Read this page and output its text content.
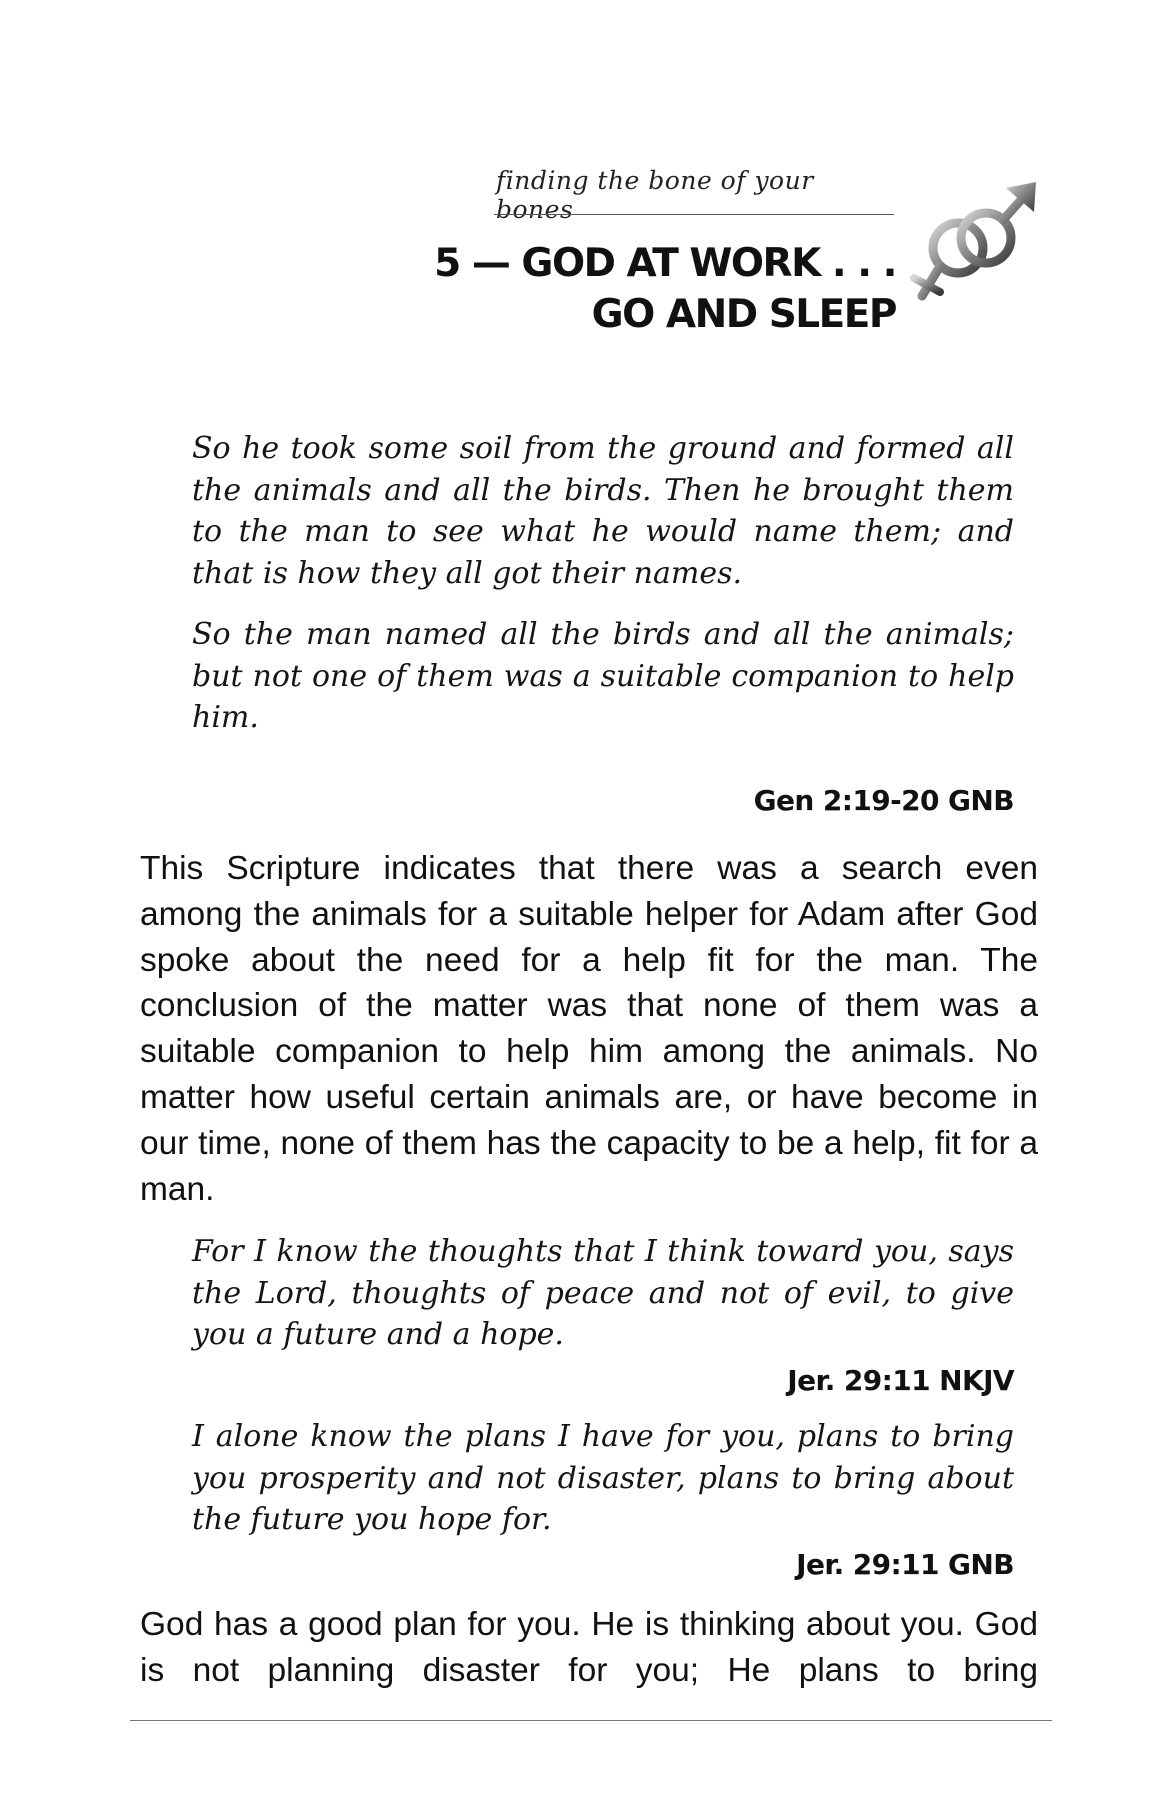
finding the bone of your bones
5 — GOD AT WORK . . .
GO AND SLEEP
So he took some soil from the ground and formed all the animals and all the birds. Then he brought them to the man to see what he would name them; and that is how they all got their names.
So the man named all the birds and all the animals; but not one of them was a suitable companion to help him.
Gen 2:19-20 GNB
This Scripture indicates that there was a search even among the animals for a suitable helper for Adam after God spoke about the need for a help fit for the man. The conclusion of the matter was that none of them was a suitable companion to help him among the animals. No matter how useful certain animals are, or have become in our time, none of them has the capacity to be a help, fit for a man.
For I know the thoughts that I think toward you, says the Lord, thoughts of peace and not of evil, to give you a future and a hope.
Jer. 29:11 NKJV
I alone know the plans I have for you, plans to bring you prosperity and not disaster, plans to bring about the future you hope for.
Jer. 29:11 GNB
God has a good plan for you. He is thinking about you. God is not planning disaster for you; He plans to bring
